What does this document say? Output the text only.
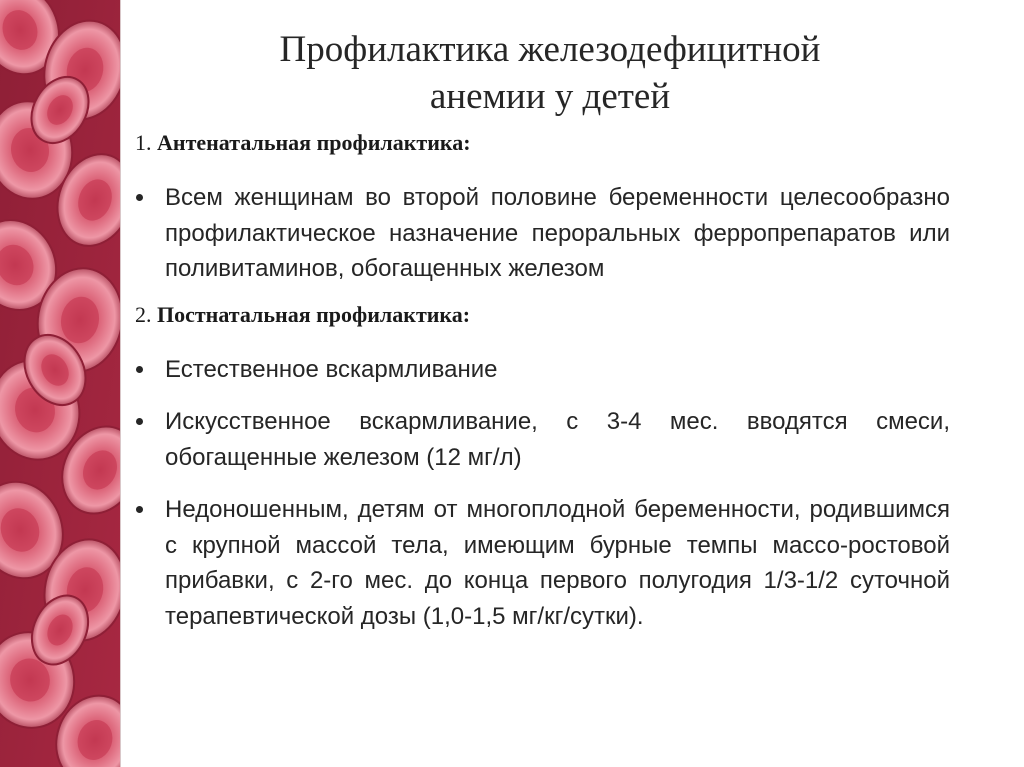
Профилактика железодефицитной
анемии у детей

1. Антенатальная профилактика:

Всем женщинам во второй половине беременности целесообразно профилактическое назначение пероральных ферропрепаратов или поливитаминов, обогащенных железом

2. Постнатальная профилактика:

Естественное вскармливание

Искусственное вскармливание, с 3-4 мес. вводятся смеси, обогащенные железом (12 мг/л)

Недоношенным, детям от многоплодной беременности, родившимся с крупной массой тела, имеющим бурные темпы массо-ростовой прибавки, с 2-го мес. до конца первого полугодия 1/3-1/2 суточной терапевтической дозы (1,0-1,5 мг/кг/сутки).
